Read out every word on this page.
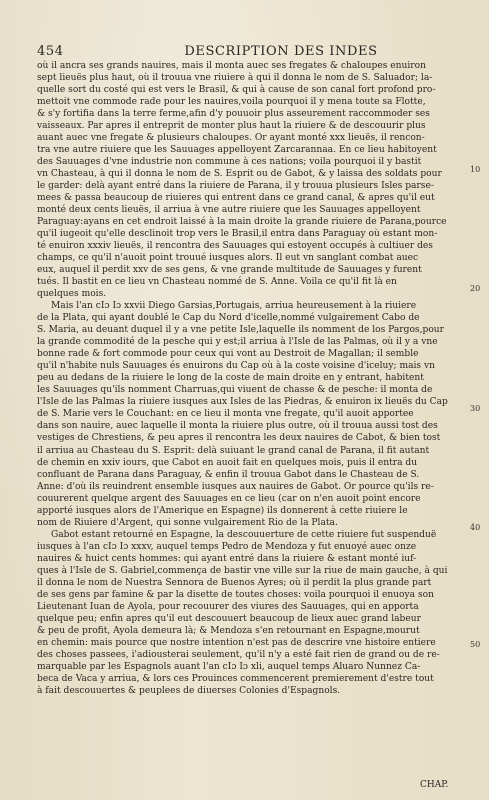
454	DESCRIPTION DES INDES
où il ancra ses grands nauires, mais il monta auec ses fregates & chaloupes enuiron
sept lieuës plus haut, où il trouua vne riuiere à qui il donna le nom de S. Saluador; la-
quelle sort du costé qui est vers le Brasil, & qui à cause de son canal fort profond pro-
mettoit vne commode rade pour les nauires,voila pourquoi il y mena toute sa Flotte,
& s'y fortifia dans la terre ferme,afin d'y pouuoir plus asseurement raccommoder ses
vaisseaux. Par apres il entreprit de monter plus haut la riuiere & de descouurir plus
auant auec vne fregate & plusieurs chaloupes. Or ayant monté xxx lieuës, il rencon-
tra vne autre riuiere que les Sauuages appelloyent Zarcarannaa. En ce lieu habitoyent
des Sauuages d'vne industrie non commune à ces nations; voila pourquoi il y bastit
vn Chasteau, à qui il donna le nom de S. Esprit ou de Gabot, & y laissa des soldats pour
le garder: delà ayant entré dans la riuiere de Parana, il y trouua plusieurs Isles parse-
mees & passa beaucoup de riuieres qui entrent dans ce grand canal, & apres qu'il eut
monté deux cents lieuës, il arriua à vne autre riuiere que les Sauuages appelloyent
Paraguay:ayans en cet endroit laissé à la main droite la grande riuiere de Parana,pource
qu'il iugeoit qu'elle desclinoit trop vers le Brasil,il entra dans Paraguay où estant mon-
té enuiron xxxiv lieuës, il rencontra des Sauuages qui estoyent occupés à cultiuer des
champs, ce qu'il n'auoit point trouué iusques alors. Il eut vn sanglant combat auec
eux, auquel il perdit xxv de ses gens, & vne grande multitude de Sauuages y furent
tués. Il bastit en ce lieu vn Chasteau nommé de S. Anne. Voila ce qu'il fit là en
quelques mois.
Mais l'an cIɔ Iɔ xxvii Diego Garsias,Portugais, arriua heureusement à la riuiere
de la Plata, qui ayant doublé le Cap du Nord d'icelle,nommé vulgairement Cabo de
S. Maria, au deuant duquel il y a vne petite Isle,laquelle ils nomment de los Pargos,pour
la grande commodité de la pesche qui y est;il arriua à l'Isle de las Palmas, où il y a vne
bonne rade & fort commode pour ceux qui vont au Destroit de Magallan; il semble
qu'il n'habite nuls Sauuages és enuirons du Cap où à la coste voisine d'iceluy; mais vn
peu au dedans de la riuiere le long de la coste de main droite en y entrant, habitent
les Sauuages qu'ils nomment Charruas,qui viuent de chasse & de pesche: il monta de
l'Isle de las Palmas la riuiere iusques aux Isles de las Piedras, & enuiron ix lieuës du Cap
de S. Marie vers le Couchant: en ce lieu il monta vne fregate, qu'il auoit apportee
dans son nauire, auec laquelle il monta la riuiere plus outre, où il trouua aussi tost des
vestiges de Chrestiens, & peu apres il rencontra les deux nauires de Cabot, & bien tost
il arriua au Chasteau du S. Esprit: delà suiuant le grand canal de Parana, il fit autant
de chemin en xxiv iours, que Cabot en auoit fait en quelques mois, puis il entra du
confluant de Parana dans Paraguay, & enfin il trouua Gabot dans le Chasteau de S.
Anne: d'où ils reuindrent ensemble iusques aux nauires de Gabot. Or pource qu'ils re-
couurerent quelque argent des Sauuages en ce lieu (car on n'en auoit point encore
apporté iusques alors de l'Amerique en Espagne) ils donnerent à cette riuiere le
nom de Riuiere d'Argent, qui sonne vulgairement Rio de la Plata.
Gabot estant retourné en Espagne, la descouuerture de cette riuiere fut suspenduë
iusques à l'an cIɔ Iɔ xxxv, auquel temps Pedro de Mendoza y fut enuoyé auec onze
nauires & huict cents hommes: qui ayant entré dans la riuiere & estant monté iuf-
ques à l'Isle de S. Gabriel,commença de bastir vne ville sur la riue de main gauche, à qui
il donna le nom de Nuestra Sennora de Buenos Ayres; où il perdit la plus grande part
de ses gens par famine & par la disette de toutes choses: voila pourquoi il enuoya son
Lieutenant Iuan de Ayola, pour recouurer des viures des Sauuages, qui en apporta
quelque peu; enfin apres qu'il eut descouuert beaucoup de lieux auec grand labeur
& peu de profit, Ayola demeura là; & Mendoza s'en retournant en Espagne,mourut
en chemin: mais pource que nostre intention n'est pas de descrire vne histoire entiere
des choses passees, i'adiousterai seulement, qu'il n'y a esté fait rien de grand ou de re-
marquable par les Espagnols auant l'an cIɔ Iɔ xli, auquel temps Aluaro Nunnez Ca-
beca de Vaca y arriua, & lors ces Prouinces commencerent premierement d'estre tout
à fait descouuertes & peuplees de diuerses Colonies d'Espagnols.
10
20
30
40
50
CHAP.
